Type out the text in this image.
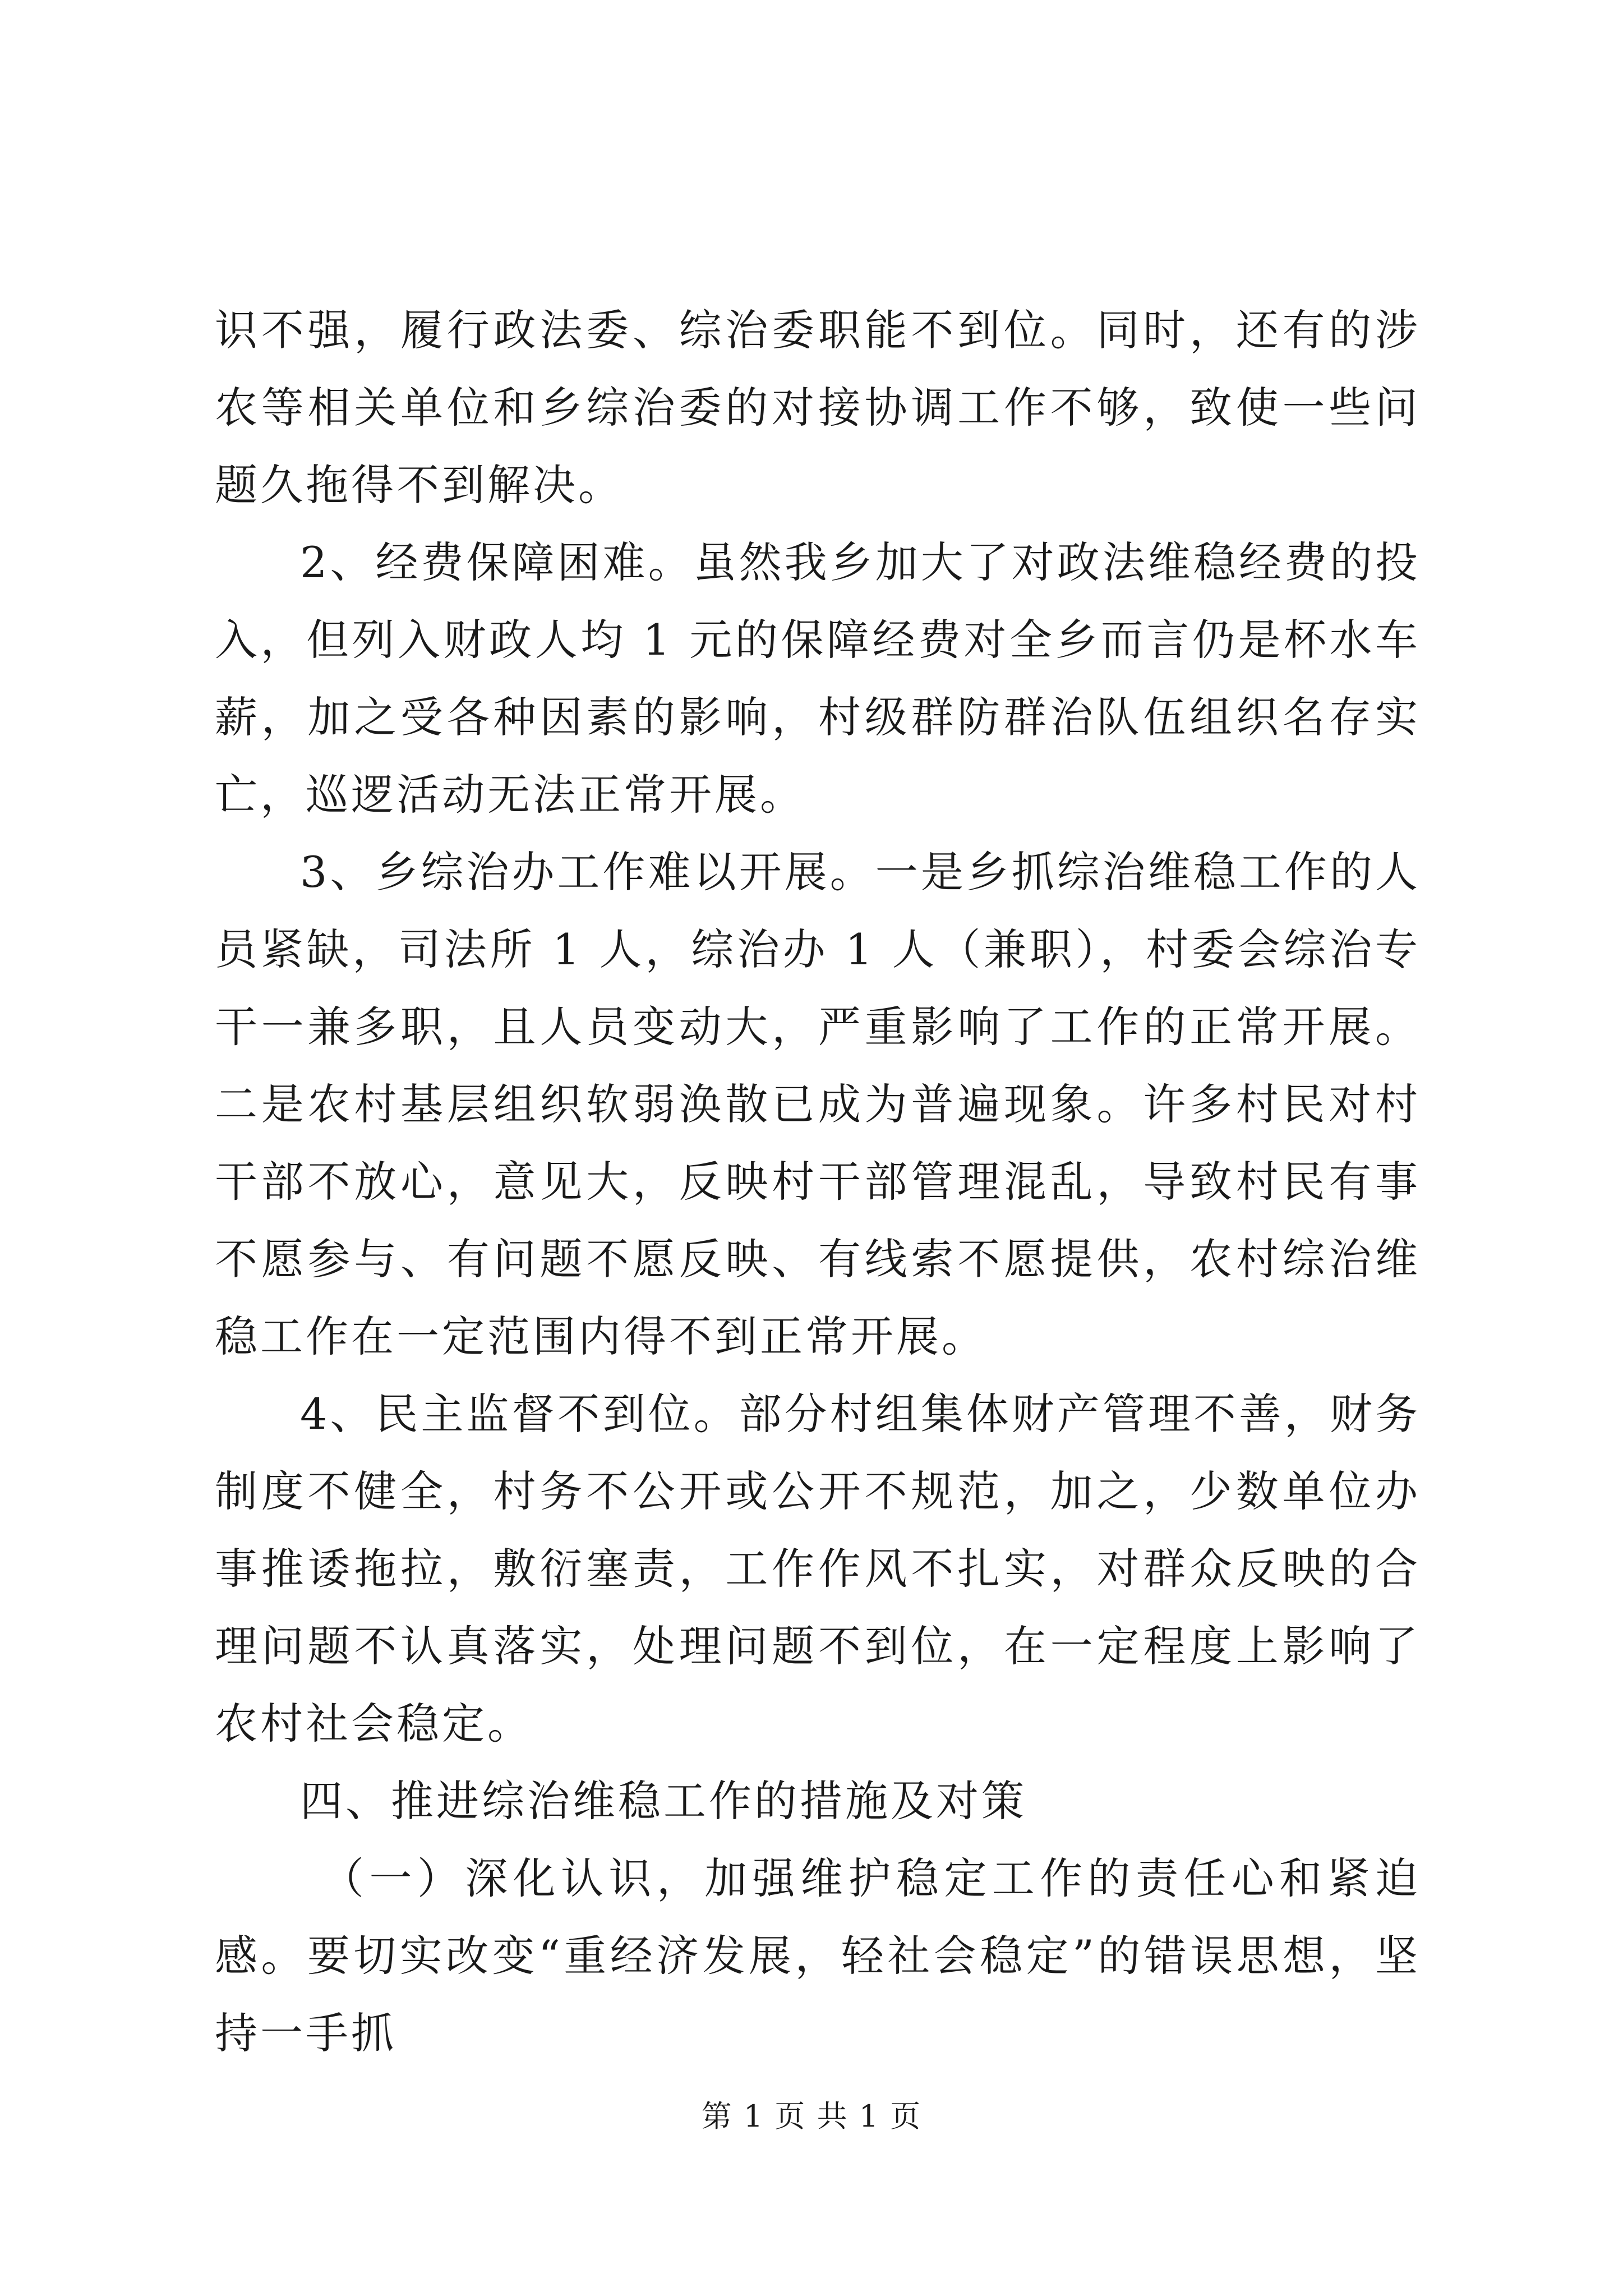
识不强，履行政法委、综治委职能不到位。同时，还有的涉农等相关单位和乡综治委的对接协调工作不够，致使一些问题久拖得不到解决。

2、经费保障困难。虽然我乡加大了对政法维稳经费的投入，但列入财政人均 1 元的保障经费对全乡而言仍是杯水车薪，加之受各种因素的影响，村级群防群治队伍组织名存实亡，巡逻活动无法正常开展。

3、乡综治办工作难以开展。一是乡抓综治维稳工作的人员紧缺，司法所 1 人，综治办 1 人（兼职），村委会综治专干一兼多职，且人员变动大，严重影响了工作的正常开展。二是农村基层组织软弱涣散已成为普遍现象。许多村民对村干部不放心，意见大，反映村干部管理混乱，导致村民有事不愿参与、有问题不愿反映、有线索不愿提供，农村综治维稳工作在一定范围内得不到正常开展。

4、民主监督不到位。部分村组集体财产管理不善，财务制度不健全，村务不公开或公开不规范，加之，少数单位办事推诿拖拉，敷衍塞责，工作作风不扎实，对群众反映的合理问题不认真落实，处理问题不到位，在一定程度上影响了农村社会稳定。

四、推进综治维稳工作的措施及对策

（一）深化认识，加强维护稳定工作的责任心和紧迫感。要切实改变“重经济发展，轻社会稳定”的错误思想，坚持一手抓

第 1 页 共 1 页
